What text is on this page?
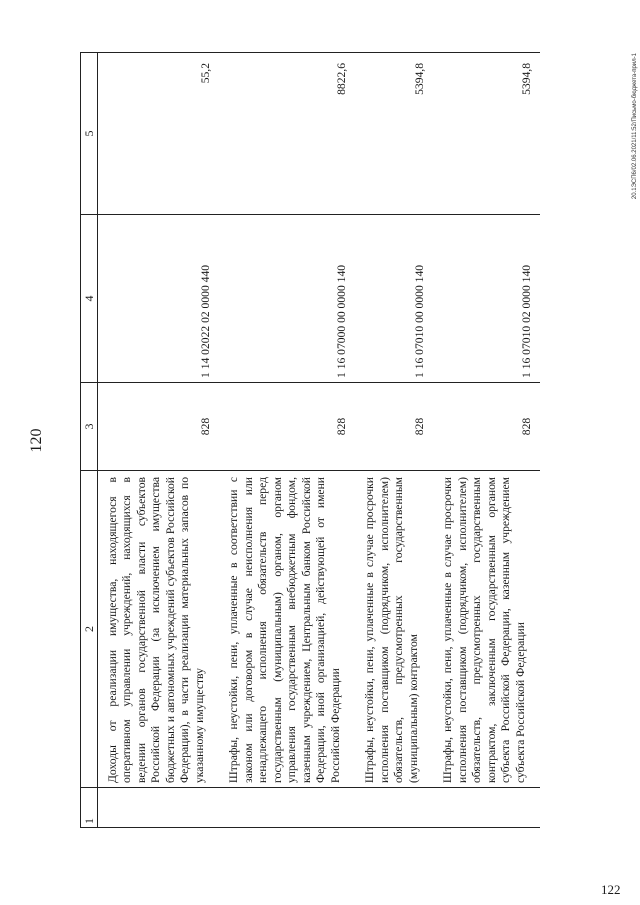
120
1	2	3	4	5
	Доходы от реализации имущества, находящегося в оперативном управлении учреждений, находящихся в ведении органов государственной власти субъектов Российской Федерации (за исключением имущества бюджетных и автономных учреждений субъектов Российской Федерации), в части реализации материальных запасов по указанному имуществу	828	1 14 02022 02 0000 440	55,2
	Штрафы, неустойки, пени, уплаченные в соответствии с законом или договором в случае неисполнения или ненадлежащего исполнения обязательств перед государственным (муниципальным) органом, органом управления государственным внебюджетным фондом, казенным учреждением, Центральным банком Российской Федерации, иной организацией, действующей от имени Российской Федерации	828	1 16 07000 00 0000 140	8822,6
	Штрафы, неустойки, пени, уплаченные в случае просрочки исполнения поставщиком (подрядчиком, исполнителем) обязательств, предусмотренных государственным (муниципальным) контрактом	828	1 16 07010 00 0000 140	5394,8
	Штрафы, неустойки, пени, уплаченные в случае просрочки исполнения поставщиком (подрядчиком, исполнителем) обязательств, предусмотренных государственным контрактом, заключенным государственным органом субъекта Российской Федерации, казенным учреждением субъекта Российской Федерации	828	1 16 07010 02 0000 140	5394,8	20.1ЭСП6/02.06.2021/11:52/Письмо-бюджета-прил-1
122
